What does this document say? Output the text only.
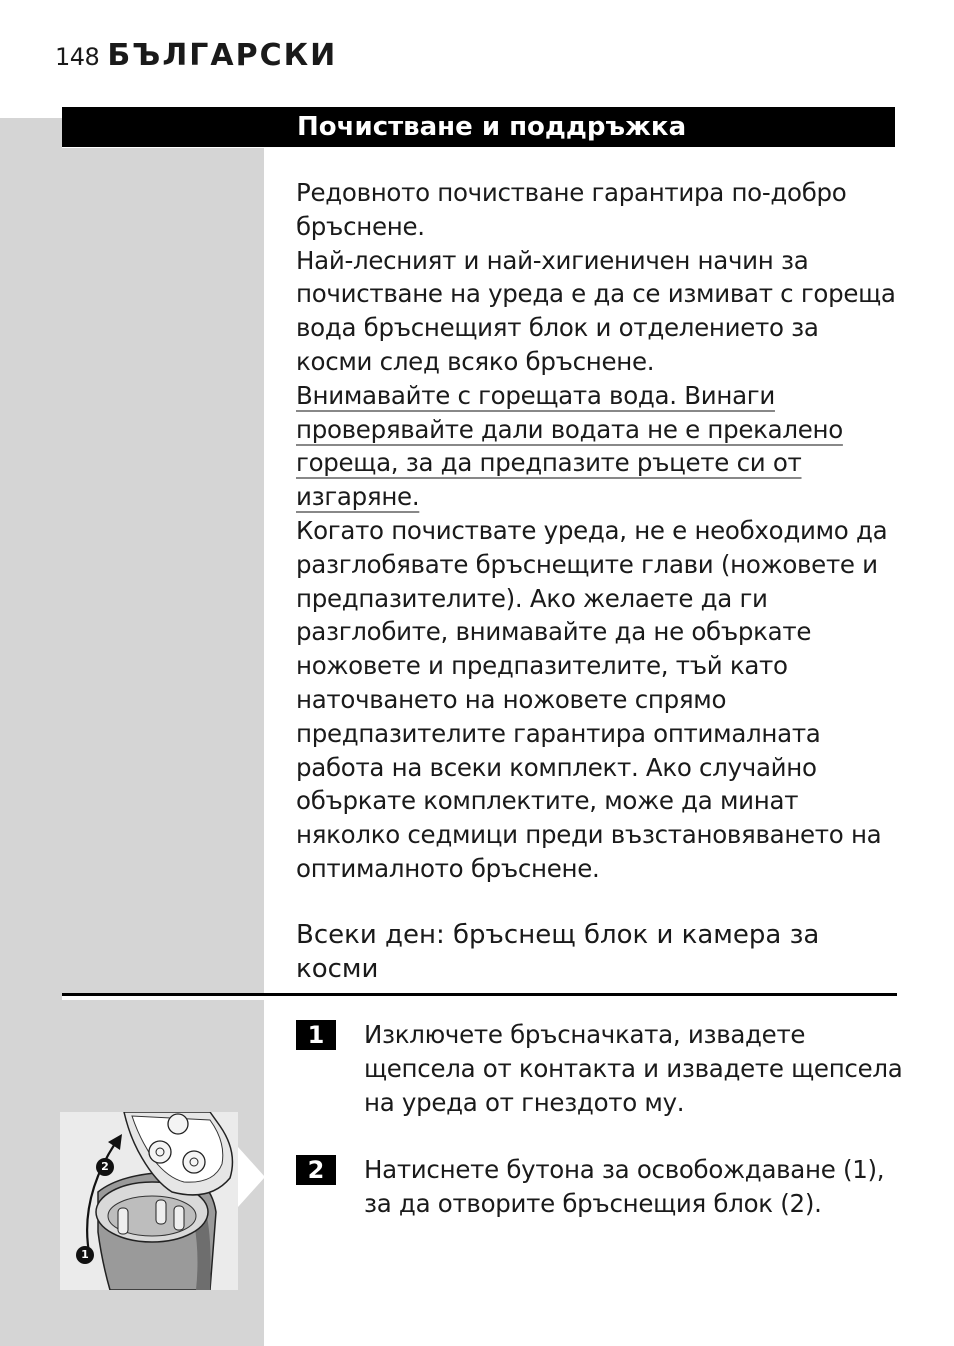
148 БЪЛГАРСКИ
Почистване и поддръжка

Редовното почистване гарантира по-добро бръснене.

Най-лесният и най-хигиеничен начин за почистване на уреда е да се измиват с гореща вода бръснещият блок и отделението за косми след всяко бръснене.

Внимавайте с горещата вода. Винаги проверявайте дали водата не е прекалено гореща, за да предпазите ръцете си от изгаряне.

Когато почиствате уреда, не е необходимо да разглобявате бръснещите глави (ножовете и предпазителите). Ако желаете да ги разглобите, внимавайте да не объркате ножовете и предпазителите, тъй като наточването на ножовете спрямо предпазителите гарантира оптималната работа на всеки комплект. Ако случайно объркате комплектите, може да минат няколко седмици преди възстановяването на оптималното бръснене.

Всеки ден: бръснещ блок и камера за косми
1	Изключете бръсначката, извадете щепсела от контакта и извадете щепсела на уреда от гнездото му.
2	Натиснете бутона за освобождаване (1), за да отворите бръснещия блок (2).
2
1
